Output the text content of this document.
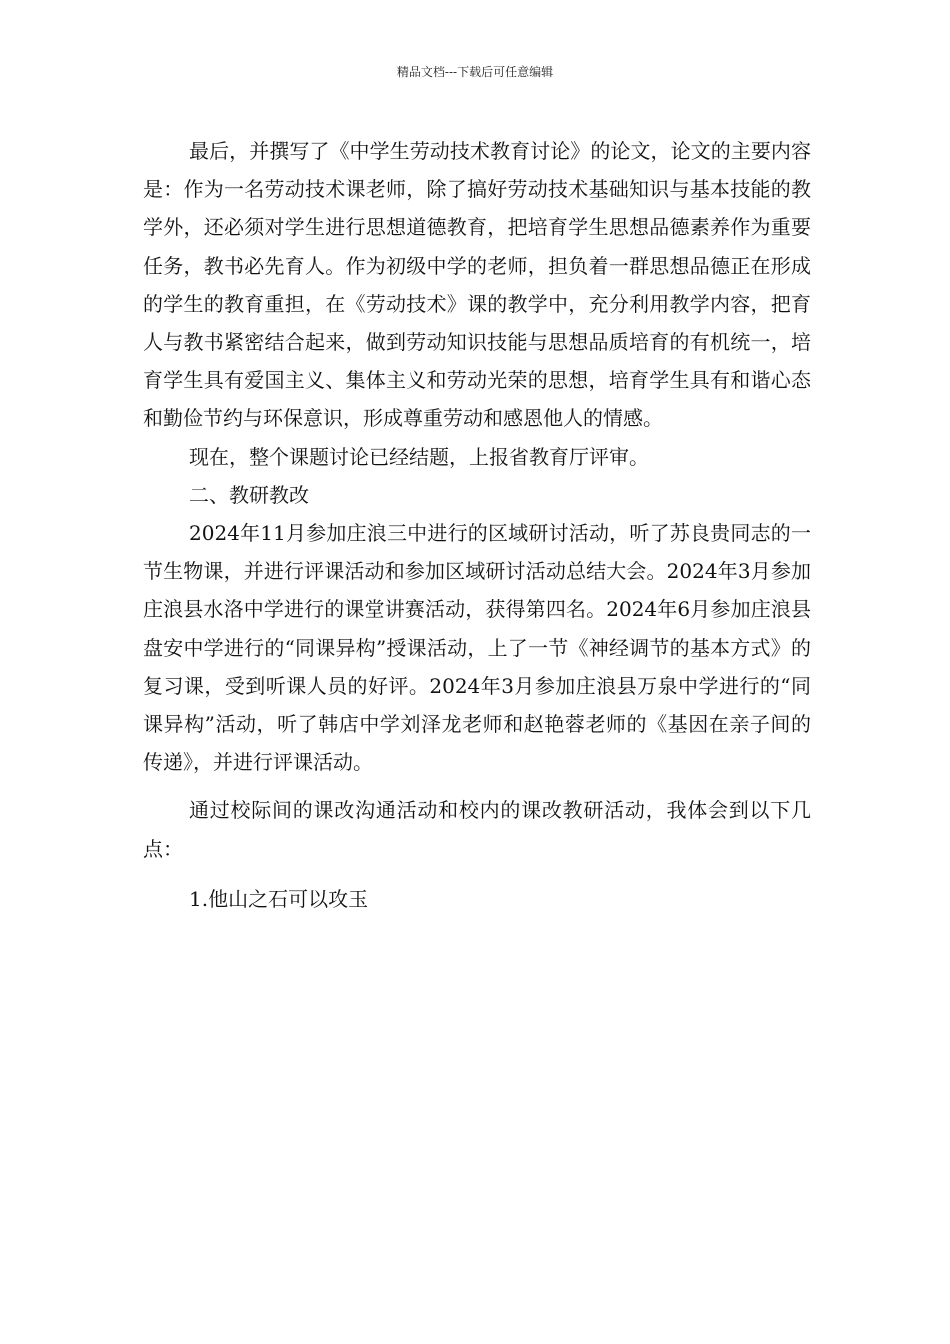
精品文档---下载后可任意编辑

最后，并撰写了《中学生劳动技术教育讨论》的论文，论文的主要内容是：作为一名劳动技术课老师，除了搞好劳动技术基础知识与基本技能的教学外，还必须对学生进行思想道德教育，把培育学生思想品德素养作为重要任务，教书必先育人。作为初级中学的老师，担负着一群思想品德正在形成的学生的教育重担，在《劳动技术》课的教学中，充分利用教学内容，把育人与教书紧密结合起来，做到劳动知识技能与思想品质培育的有机统一，培育学生具有爱国主义、集体主义和劳动光荣的思想，培育学生具有和谐心态和勤俭节约与环保意识，形成尊重劳动和感恩他人的情感。

现在，整个课题讨论已经结题，上报省教育厅评审。

二、教研教改

2024年11月参加庄浪三中进行的区域研讨活动，听了苏良贵同志的一节生物课，并进行评课活动和参加区域研讨活动总结大会。2024年3月参加庄浪县水洛中学进行的课堂讲赛活动，获得第四名。2024年6月参加庄浪县盘安中学进行的“同课异构”授课活动，上了一节《神经调节的基本方式》的复习课，受到听课人员的好评。2024年3月参加庄浪县万泉中学进行的“同课异构”活动，听了韩店中学刘泽龙老师和赵艳蓉老师的《基因在亲子间的传递》，并进行评课活动。

通过校际间的课改沟通活动和校内的课改教研活动，我体会到以下几点：

1.他山之石可以攻玉
